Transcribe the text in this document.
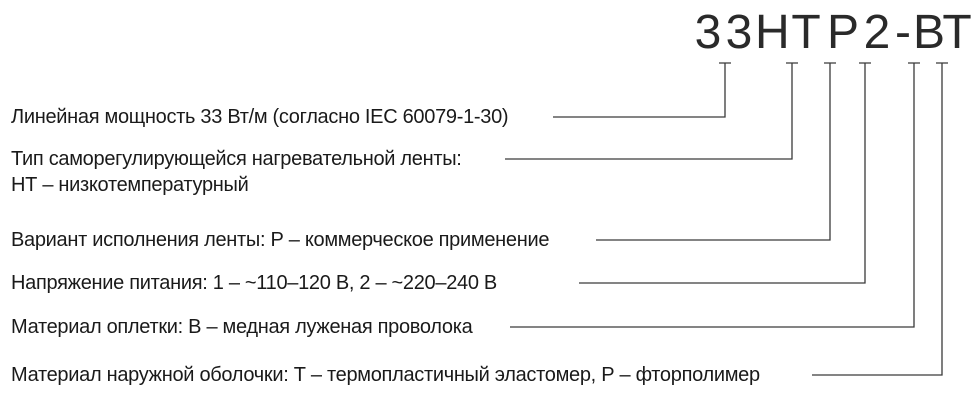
3 3 H T P 2 - B
T
Линейная мощность 33 Вт/м (согласно IEC 60079-1-30)
Тип саморегулирующейся нагревательной ленты:
НТ – низкотемпературный
Вариант исполнения ленты: Р – коммерческое применение
Напряжение питания: 1 – ~110–120 В, 2 – ~220–240 В
Материал оплетки: В – медная луженая проволока
Материал наружной оболочки: Т – термопластичный эластомер, Р – фторполимер
